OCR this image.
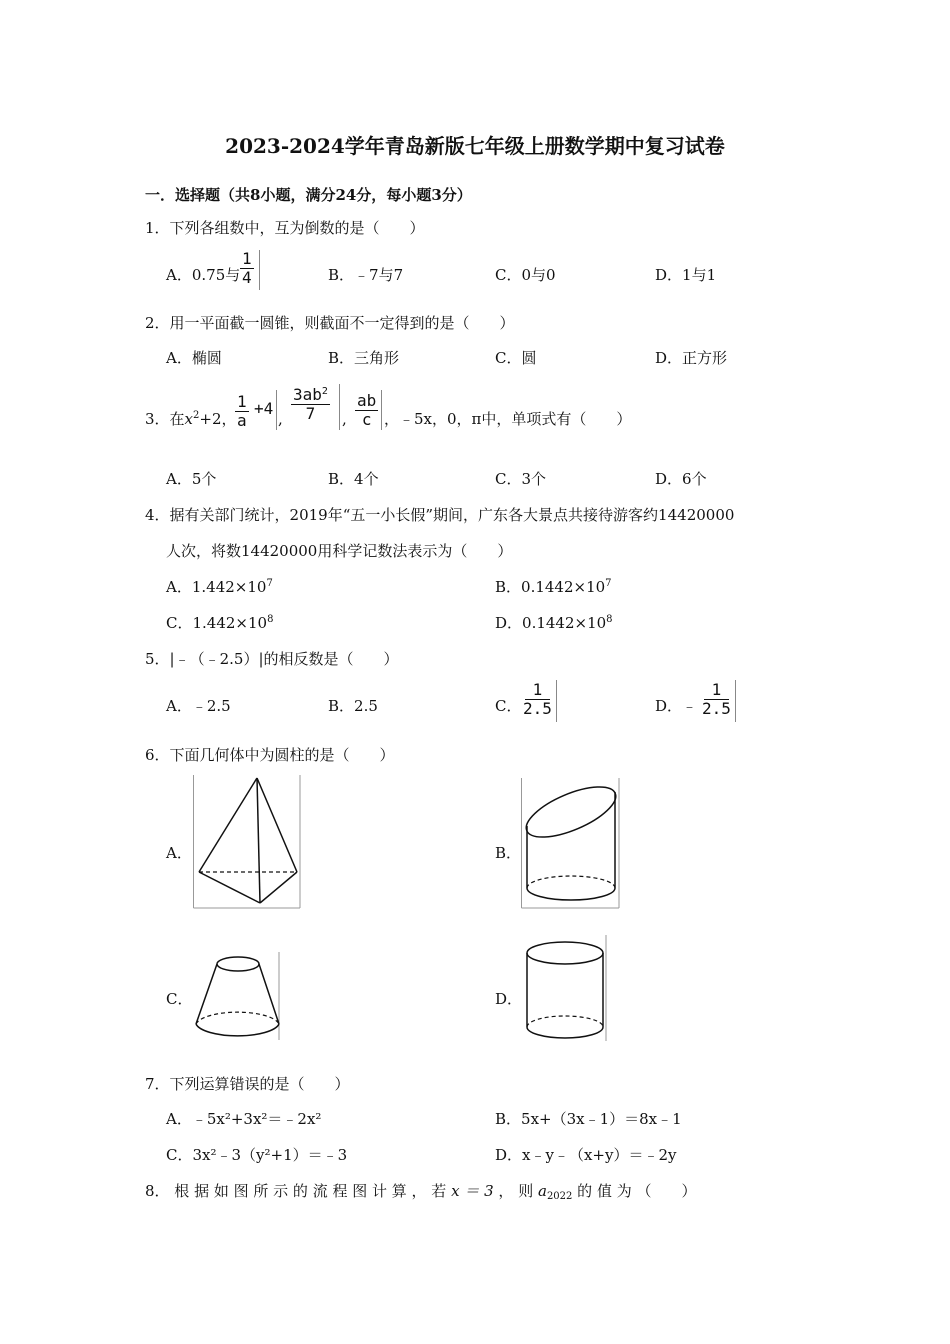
2023-2024学年青岛新版七年级上册数学期中复习试卷
一．选择题（共8小题，满分24分，每小题3分）
1．下列各组数中，互为倒数的是（　　）
A．0.75与 $\frac{1}{4}$	B．﹣7与7	C．0与0	D．1与1
2．用一平面截一圆锥，则截面不一定得到的是（　　）
A．椭圆	B．三角形	C．圆	D．正方形
3．在$x^2+2$，
$\frac{1}{a} +4$
, $\frac{3ab^2}{7}$ , $\frac{ab}{c}$ ，﹣5x，0，π中，单项式有（　　）
A．5个	B．4个	C．3个	D．6个
4．据有关部门统计，2019年“五一小长假”期间，广东各大景点共接待游客约14420000
人次，将数14420000用科学记数法表示为（　　）
A．$1.442\times 10^7$	B．$0.1442\times 10^7$
C．$1.442\times 10^8$	D．$0.1442\times 10^8$
5．|﹣（﹣2.5）|的相反数是（　　）
A．﹣2.5	B．2.5	C． $\frac{1}{2.5}$	D．﹣ $\frac{1}{2.5}$
6．下面几何体中为圆柱的是（　　）
A．	B．
C．	D．
7．下列运算错误的是（　　）
A．﹣5x²+3x²＝﹣2x²	B．5x+（3x﹣1）＝8x﹣1
C．3x²﹣3（y²+1）＝﹣3	D．x﹣y﹣（x+y）＝﹣2y
8． 根 据 如 图 所 示 的 流 程 图 计 算 ， 若 x ＝ 3 ， 则 $a_{2022}$ 的 值 为 （　　）
